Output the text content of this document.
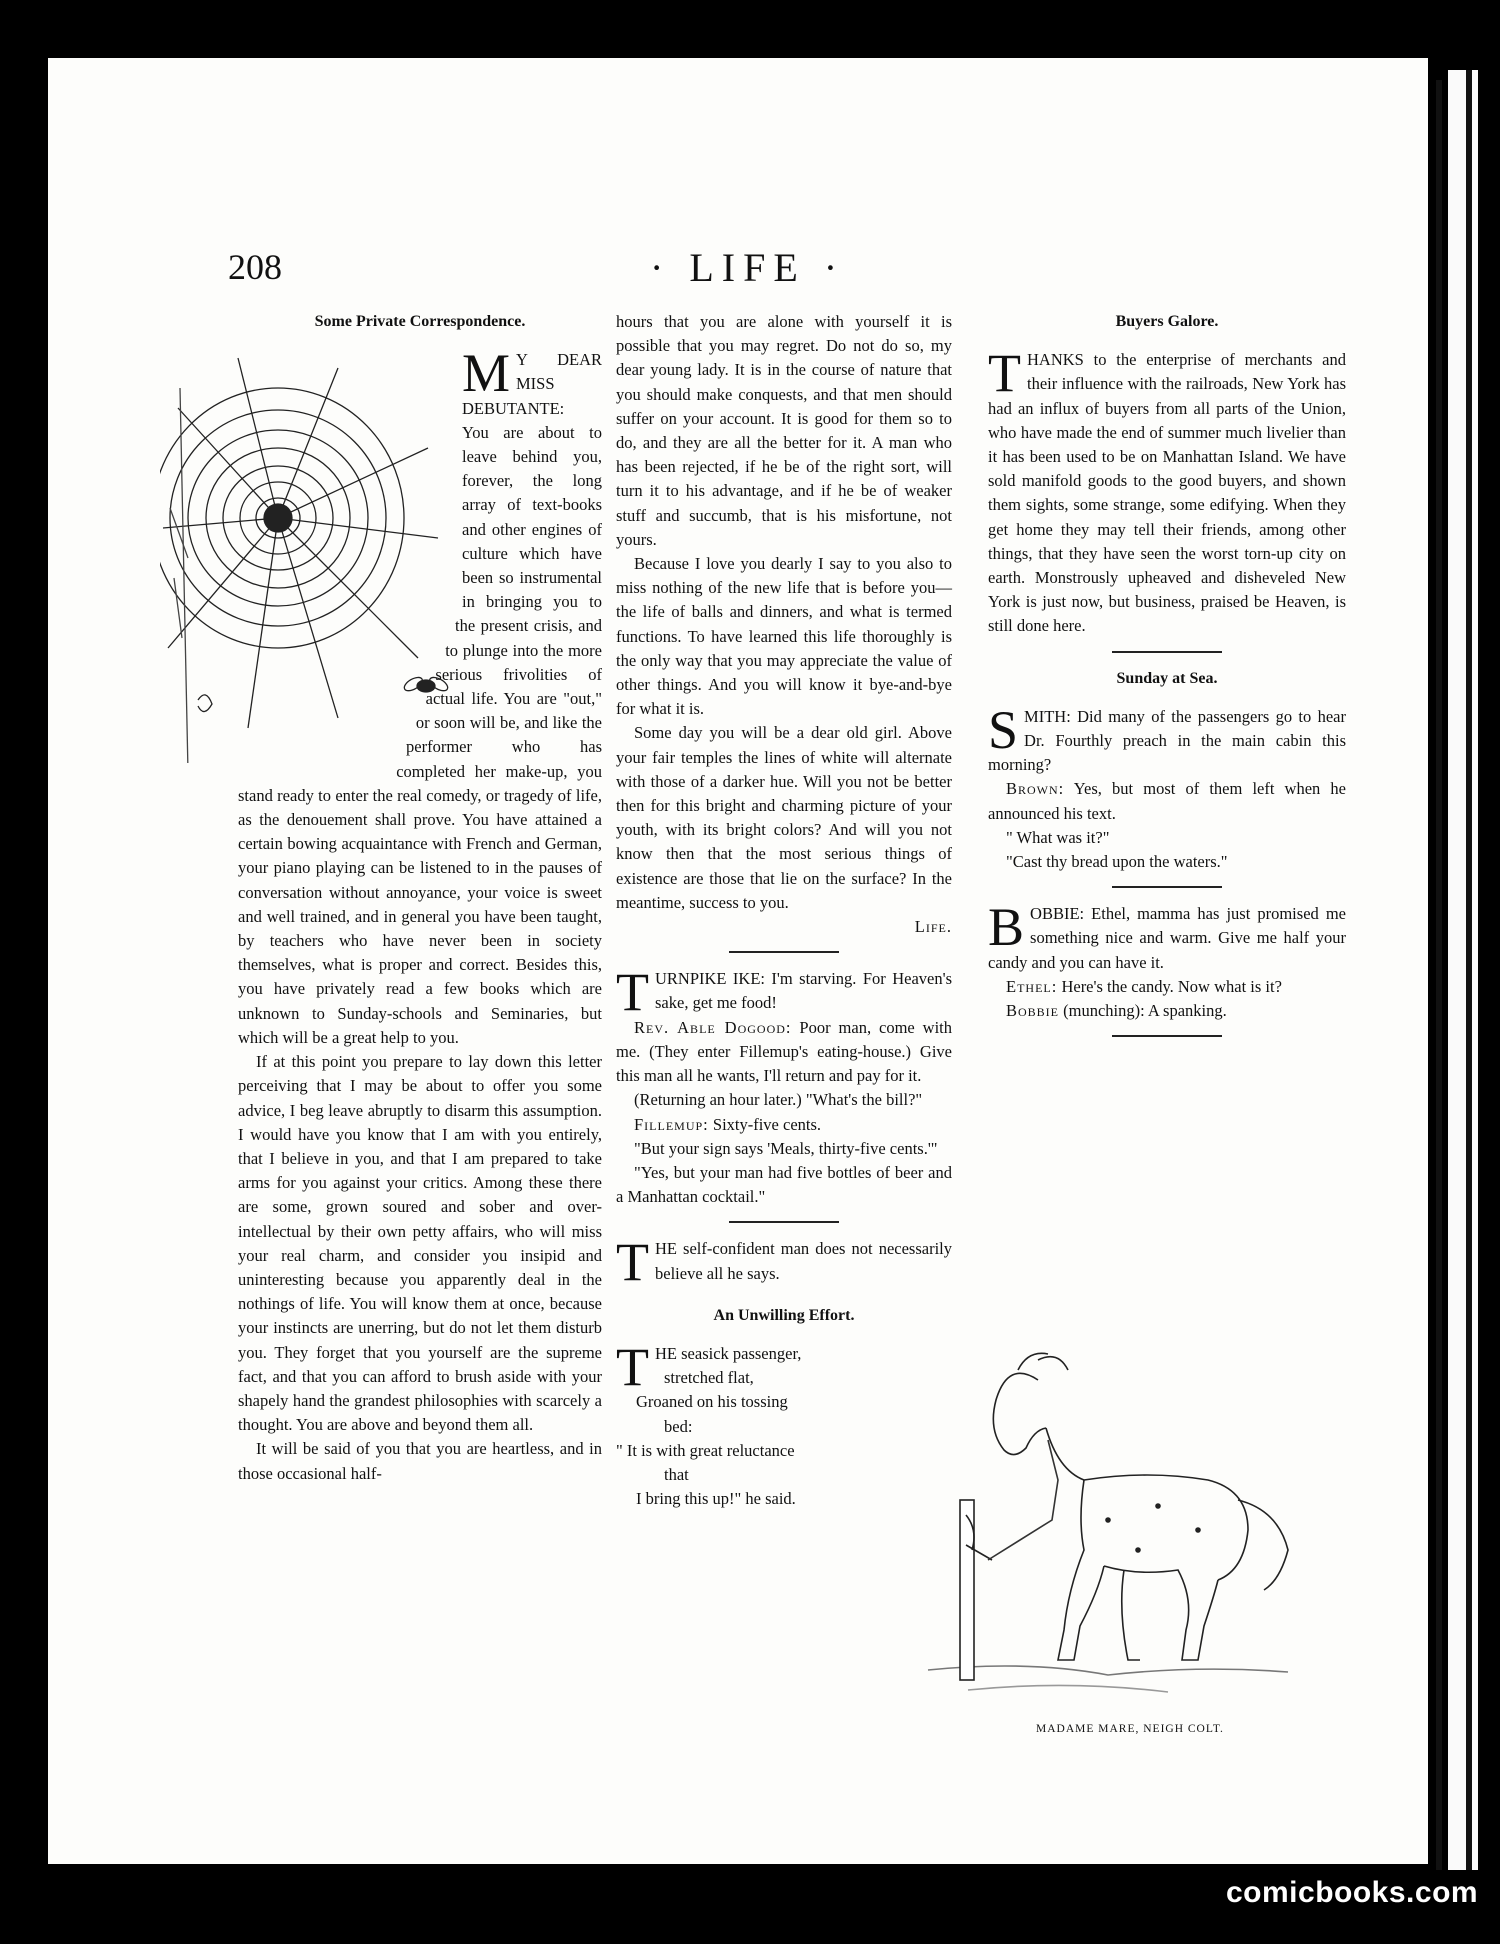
208	· LIFE ·
Some Private Correspondence.

M Y DEAR MISS DEBUTANTE:

You are about to leave behind you, forever, the long array of text-books and other engines of culture which have been so instrumental in bringing you to the present crisis, and to plunge into the more serious frivolities of actual life. You are "out," or soon will be, and like the performer who has completed her make-up, you stand ready to enter the real comedy, or tragedy of life, as the denouement shall prove. You have attained a certain bowing acquaintance with French and German, your piano playing can be listened to in the pauses of conversation without annoyance, your voice is sweet and well trained, and in general you have been taught, by teachers who have never been in society themselves, what is proper and correct. Besides this, you have privately read a few books which are unknown to Sunday-schools and Seminaries, but which will be a great help to you.

If at this point you prepare to lay down this letter perceiving that I may be about to offer you some advice, I beg leave abruptly to disarm this assumption. I would have you know that I am with you entirely, that I believe in you, and that I am prepared to take arms for you against your critics. Among these there are some, grown soured and sober and over-intellectual by their own petty affairs, who will miss your real charm, and consider you insipid and uninteresting because you apparently deal in the nothings of life. You will know them at once, because your instincts are unerring, but do not let them disturb you. They forget that you yourself are the supreme fact, and that you can afford to brush aside with your shapely hand the grandest philosophies with scarcely a thought. You are above and beyond them all.

It will be said of you that you are heartless, and in those occasional half-

hours that you are alone with yourself it is possible that you may regret. Do not do so, my dear young lady. It is in the course of nature that you should make conquests, and that men should suffer on your account. It is good for them so to do, and they are all the better for it. A man who has been rejected, if he be of the right sort, will turn it to his advantage, and if he be of weaker stuff and succumb, that is his misfortune, not yours.

Because I love you dearly I say to you also to miss nothing of the new life that is before you—the life of balls and dinners, and what is termed functions. To have learned this life thoroughly is the only way that you may appreciate the value of other things. And you will know it bye-and-bye for what it is.

Some day you will be a dear old girl. Above your fair temples the lines of white will alternate with those of a darker hue. Will you not be better then for this bright and charming picture of your youth, with its bright colors? And will you not know then that the most serious things of existence are those that lie on the surface? In the meantime, success to you.

Life.

TURNPIKE IKE: I'm starving. For Heaven's sake, get me food!

Rev. Able Dogood: Poor man, come with me. (They enter Fillemup's eating-house.) Give this man all he wants, I'll return and pay for it.

(Returning an hour later.) "What's the bill?"

Fillemup: Sixty-five cents.

"But your sign says 'Meals, thirty-five cents.'"

"Yes, but your man had five bottles of beer and a Manhattan cocktail."

THE self-confident man does not necessarily believe all he says.

An Unwilling Effort.

THE seasick passenger,

stretched flat,

Groaned on his tossing

bed:

" It is with great reluctance

that

I bring this up!" he said.

Buyers Galore.

THANKS to the enterprise of merchants and their influence with the railroads, New York has had an influx of buyers from all parts of the Union, who have made the end of summer much livelier than it has been used to be on Manhattan Island. We have sold manifold goods to the good buyers, and shown them sights, some strange, some edifying. When they get home they may tell their friends, among other things, that they have seen the worst torn-up city on earth. Monstrously upheaved and disheveled New York is just now, but business, praised be Heaven, is still done here.

Sunday at Sea.

SMITH: Did many of the passengers go to hear Dr. Fourthly preach in the main cabin this morning?

Brown: Yes, but most of them left when he announced his text.

" What was it?"

"Cast thy bread upon the waters."

BOBBIE: Ethel, mamma has just promised me something nice and warm. Give me half your candy and you can have it.

Ethel: Here's the candy. Now what is it?

Bobbie (munching): A spanking.

MADAME MARE, NEIGH COLT.
comicbooks.com
